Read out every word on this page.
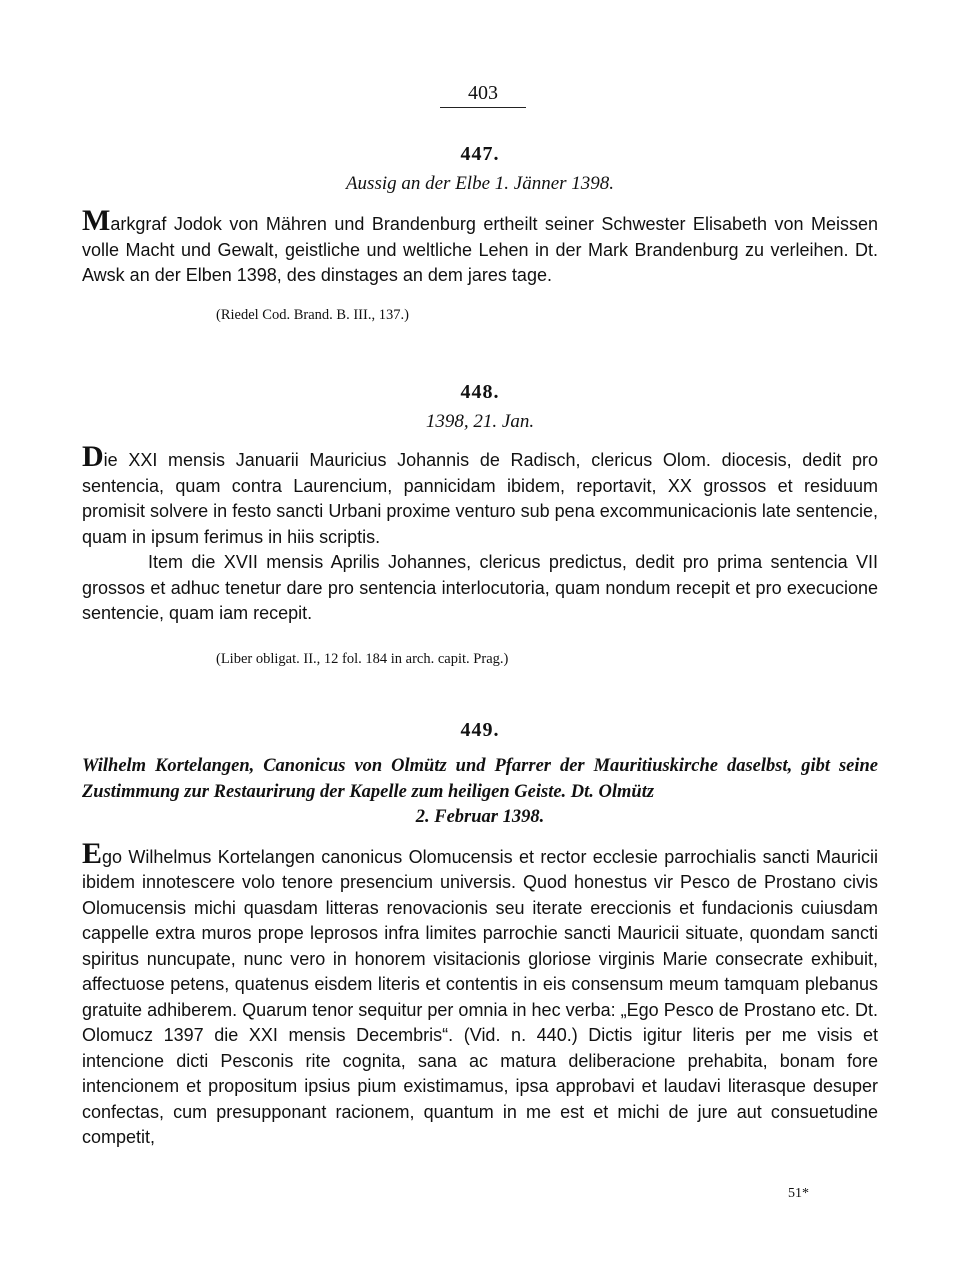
403
447.
Aussig an der Elbe 1. Jänner 1398.

Markgraf Jodok von Mähren und Brandenburg ertheilt seiner Schwester Elisabeth von Meissen volle Macht und Gewalt, geistliche und weltliche Lehen in der Mark Brandenburg zu verleihen. Dt. Awsk an der Elben 1398, des dinstages an dem jares tage.

(Riedel Cod. Brand. B. III., 137.)
448.
1398, 21. Jan.

Die XXI mensis Januarii Mauricius Johannis de Radisch, clericus Olom. diocesis, dedit pro sentencia, quam contra Laurencium, pannicidam ibidem, reportavit, XX grossos et residuum promisit solvere in festo sancti Urbani proxime venturo sub pena excommunicacionis late sentencie, quam in ipsum ferimus in hiis scriptis.

Item die XVII mensis Aprilis Johannes, clericus predictus, dedit pro prima sentencia VII grossos et adhuc tenetur dare pro sentencia interlocutoria, quam nondum recepit et pro execucione sentencie, quam iam recepit.

(Liber obligat. II., 12 fol. 184 in arch. capit. Prag.)
449.
Wilhelm Kortelangen, Canonicus von Olmütz und Pfarrer der Mauritiuskirche daselbst, gibt seine Zustimmung zur Restaurirung der Kapelle zum heiligen Geiste. Dt. Olmütz
2. Februar 1398.

Ego Wilhelmus Kortelangen canonicus Olomucensis et rector ecclesie parrochialis sancti Mauricii ibidem innotescere volo tenore presencium universis. Quod honestus vir Pesco de Prostano civis Olomucensis michi quasdam litteras renovacionis seu iterate ereccionis et fundacionis cuiusdam cappelle extra muros prope leprosos infra limites parrochie sancti Mauricii situate, quondam sancti spiritus nuncupate, nunc vero in honorem visitacionis gloriose virginis Marie consecrate exhibuit, affectuose petens, quatenus eisdem literis et contentis in eis consensum meum tamquam plebanus gratuite adhiberem. Quarum tenor sequitur per omnia in hec verba: „Ego Pesco de Prostano etc. Dt. Olomucz 1397 die XXI mensis Decembris“. (Vid. n. 440.) Dictis igitur literis per me visis et intencione dicti Pesconis rite cognita, sana ac matura deliberacione prehabita, bonam fore intencionem et propositum ipsius pium existimamus, ipsa approbavi et laudavi literasque desuper confectas, cum presupponant racionem, quantum in me est et michi de jure aut consuetudine competit,

51*
